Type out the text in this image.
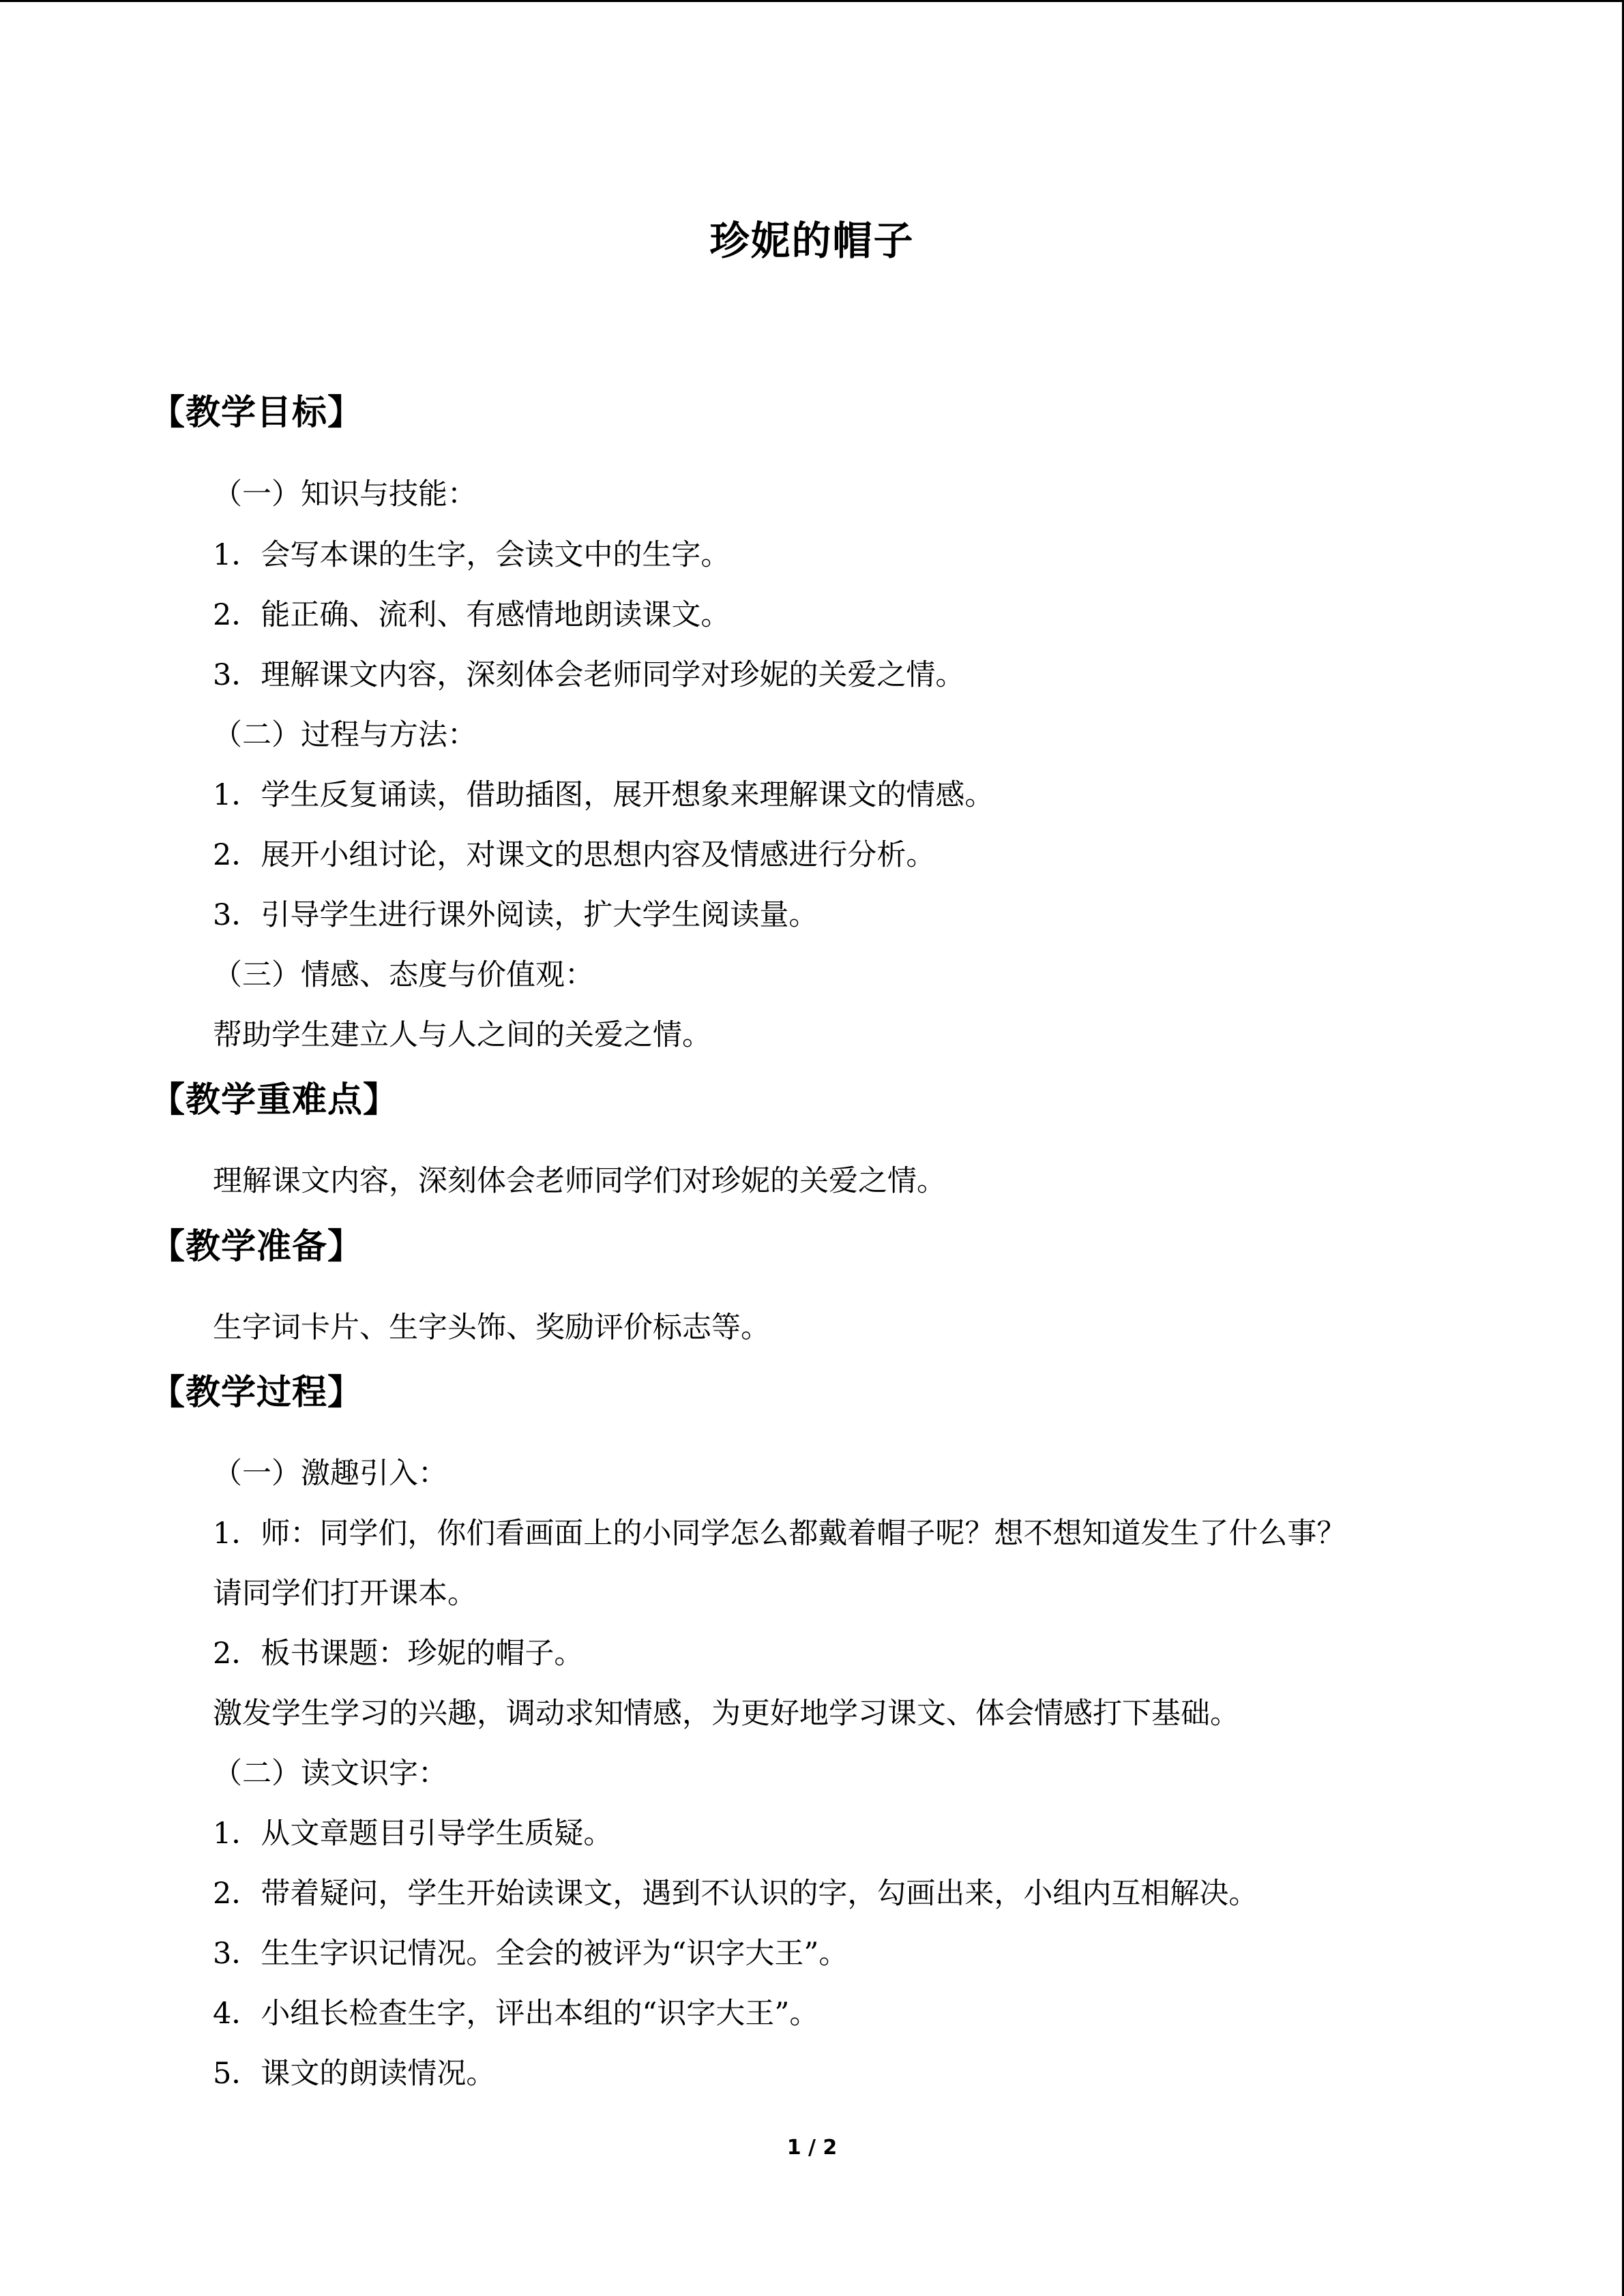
珍妮的帽子
【教学目标】
（一）知识与技能：
1．会写本课的生字，会读文中的生字。
2．能正确、流利、有感情地朗读课文。
3．理解课文内容，深刻体会老师同学对珍妮的关爱之情。
（二）过程与方法：
1．学生反复诵读，借助插图，展开想象来理解课文的情感。
2．展开小组讨论，对课文的思想内容及情感进行分析。
3．引导学生进行课外阅读，扩大学生阅读量。
（三）情感、态度与价值观：
帮助学生建立人与人之间的关爱之情。
【教学重难点】
理解课文内容，深刻体会老师同学们对珍妮的关爱之情。
【教学准备】
生字词卡片、生字头饰、奖励评价标志等。
【教学过程】
（一）激趣引入：
1．师：同学们，你们看画面上的小同学怎么都戴着帽子呢？想不想知道发生了什么事？
请同学们打开课本。
2．板书课题：珍妮的帽子。
激发学生学习的兴趣，调动求知情感，为更好地学习课文、体会情感打下基础。
（二）读文识字：
1．从文章题目引导学生质疑。
2．带着疑问，学生开始读课文，遇到不认识的字，勾画出来，小组内互相解决。
3．生生字识记情况。全会的被评为“识字大王”。
4．小组长检查生字，评出本组的“识字大王”。
5．课文的朗读情况。
1 / 2
